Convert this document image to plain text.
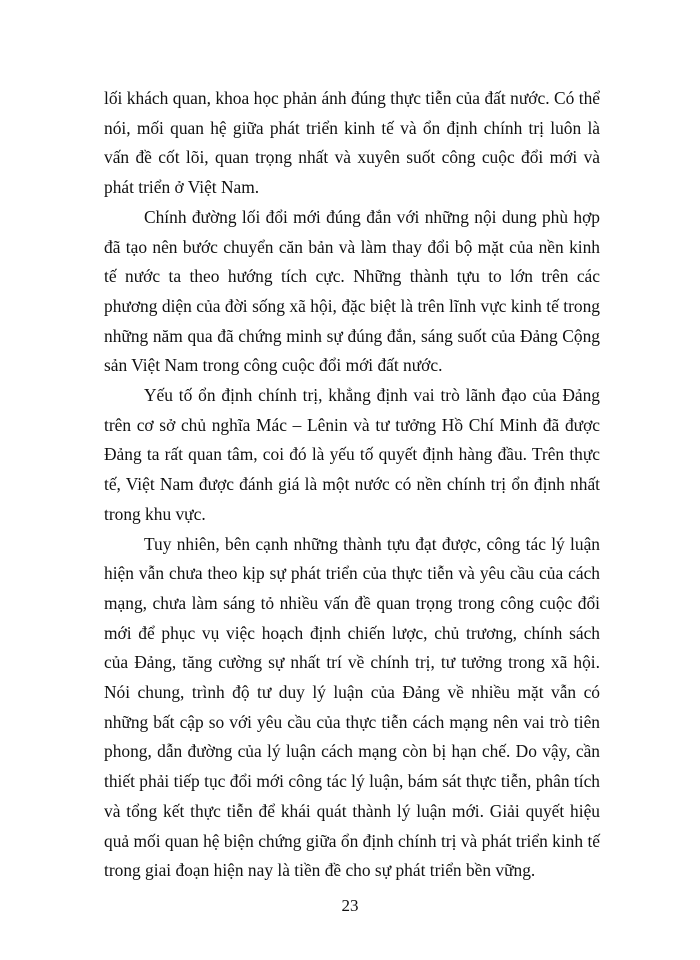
lối khách quan, khoa học phản ánh đúng thực tiễn của đất nước. Có thể nói, mối quan hệ giữa phát triển kinh tế và ổn định chính trị luôn là vấn đề cốt lõi, quan trọng nhất và xuyên suốt công cuộc đổi mới và phát triển ở Việt Nam.

Chính đường lối đổi mới đúng đắn với những nội dung phù hợp đã tạo nên bước chuyển căn bản và làm thay đổi bộ mặt của nền kinh tế nước ta theo hướng tích cực. Những thành tựu to lớn trên các phương diện của đời sống xã hội, đặc biệt là trên lĩnh vực kinh tế trong những năm qua đã chứng minh sự đúng đắn, sáng suốt của Đảng Cộng sản Việt Nam trong công cuộc đổi mới đất nước.

Yếu tố ổn định chính trị, khẳng định vai trò lãnh đạo của Đảng trên cơ sở chủ nghĩa Mác – Lênin và tư tưởng Hồ Chí Minh đã được Đảng ta rất quan tâm, coi đó là yếu tố quyết định hàng đầu. Trên thực tế, Việt Nam được đánh giá là một nước có nền chính trị ổn định nhất trong khu vực.

Tuy nhiên, bên cạnh những thành tựu đạt được, công tác lý luận hiện vẫn chưa theo kịp sự phát triển của thực tiễn và yêu cầu của cách mạng, chưa làm sáng tỏ nhiều vấn đề quan trọng trong công cuộc đổi mới để phục vụ việc hoạch định chiến lược, chủ trương, chính sách của Đảng, tăng cường sự nhất trí về chính trị, tư tưởng trong xã hội. Nói chung, trình độ tư duy lý luận của Đảng về nhiều mặt vẫn có những bất cập so với yêu cầu của thực tiễn cách mạng nên vai trò tiên phong, dẫn đường của lý luận cách mạng còn bị hạn chế. Do vậy, cần thiết phải tiếp tục đổi mới công tác lý luận, bám sát thực tiễn, phân tích và tổng kết thực tiễn để khái quát thành lý luận mới. Giải quyết hiệu quả mối quan hệ biện chứng giữa ổn định chính trị và phát triển kinh tế trong giai đoạn hiện nay là tiền đề cho sự phát triển bền vững.

23
